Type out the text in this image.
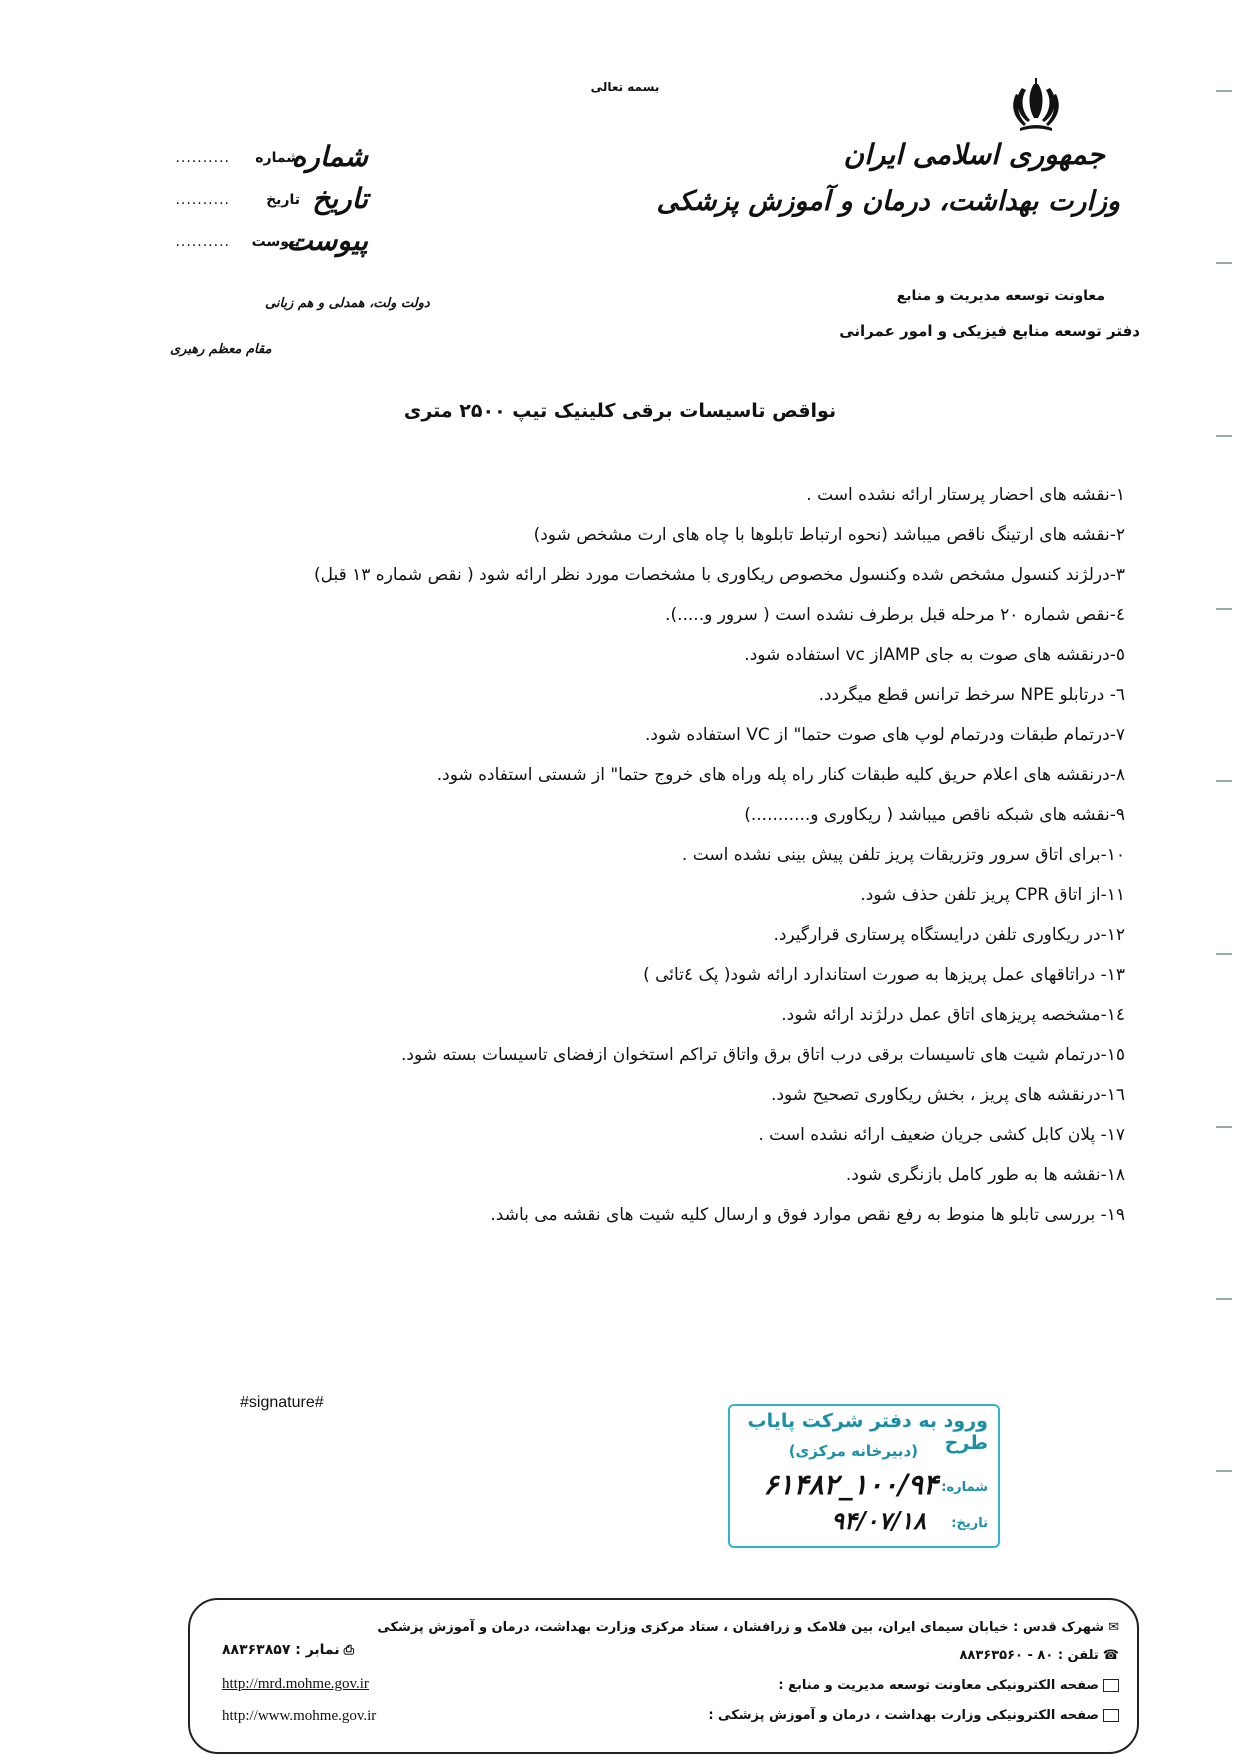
بسمه تعالی
جمهوری اسلامی ایران
وزارت بهداشت، درمان و آموزش پزشکی
معاونت توسعه مدیریت و منابع
دفتر توسعه منابع فیزیکی و امور عمرانی
شماره
شماره
..........
تاریخ
تاریخ
..........
پیوست
پیوست
..........
دولت ولت، همدلی و هم زبانی
مقام معظم رهبری
نواقص تاسیسات برقی کلینیک تیپ ۲۵۰۰ متری
۱-نقشه های احضار پرستار ارائه نشده است .
۲-نقشه های ارتینگ ناقص میباشد (نحوه ارتباط تابلوها با چاه های ارت مشخص شود)
۳-درلژند کنسول مشخص شده وکنسول مخصوص ریکاوری با مشخصات مورد نظر ارائه شود ( نقص شماره ۱۳ قبل)
٤-نقص شماره ۲۰ مرحله قبل برطرف نشده است ( سرور و.....).
٥-درنقشه های صوت به جای AMPاز vc استفاده شود.
٦- درتابلو NPE سرخط ترانس قطع میگردد.
۷-درتمام طبقات ودرتمام لوپ های صوت حتما" از VC استفاده شود.
۸-درنقشه های اعلام حریق کلیه طبقات کنار راه پله وراه های خروج حتما" از شستی استفاده شود.
۹-نقشه های شبکه ناقص میباشد ( ریکاوری و...........)
۱۰-برای اتاق سرور وتزریقات پریز تلفن پیش بینی نشده است .
۱۱-از اتاق CPR پریز تلفن حذف شود.
۱۲-در ریکاوری تلفن درایستگاه پرستاری قرارگیرد.
۱۳- دراتاقهای عمل پریزها به صورت استاندارد ارائه شود( پک ٤تائی )
۱٤-مشخصه پریزهای اتاق عمل درلژند ارائه شود.
۱٥-درتمام شیت های تاسیسات برقی درب اتاق برق واتاق تراکم استخوان ازفضای تاسیسات بسته شود.
۱٦-درنقشه های پریز ، بخش ریکاوری تصحیح شود.
۱۷- پلان کابل کشی جریان ضعیف ارائه نشده است .
۱۸-نقشه ها به طور کامل بازنگری شود.
۱۹- بررسی تابلو ها منوط به رفع نقص موارد فوق و ارسال کلیه شیت های نقشه می باشد.
#signature#
ورود به دفتر شرکت پایاب طرح
(دبیرخانه مرکزی)
شماره:
۱۰۰/۹۴_۶۱۴۸۲
تاریخ:
۹۴/۰۷/۱۸
✉شهرک قدس : خیابان سیمای ایران، بین فلامک و زرافشان ، ستاد مرکزی وزارت بهداشت، درمان و آموزش پزشکی
☎تلفن : ۸۰ - ۸۸۳۶۳۵۶۰
صفحه الکترونیکی معاونت توسعه مدیریت و منابع :
صفحه الکترونیکی وزارت بهداشت ، درمان و آموزش پزشکی :
⎙نمابر : ۸۸۳۶۳۸۵۷
http://mrd.mohme.gov.ir
http://www.mohme.gov.ir
